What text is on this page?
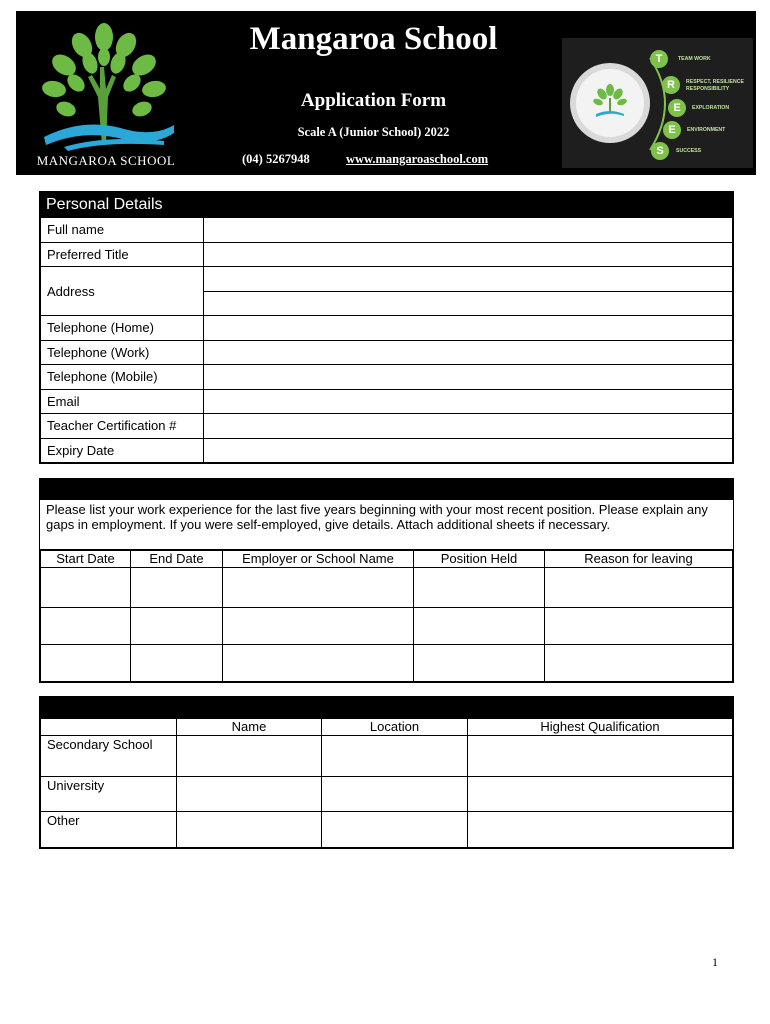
MANGAROA SCHOOL
Mangaroa School
Application Form
Scale A (Junior School) 2022
(04) 5267948	www.mangaroaschool.com
T	TEAM WORK
R	RESPECT, RESILIENCE RESPONSIBILITY
E	EXPLORATION
E	ENVIRONMENT
S	SUCCESS
Personal Details
Full name	
Preferred Title	
Address	

Telephone (Home)	
Telephone (Work)	
Telephone (Mobile)	
Email	
Teacher Certification #	
Expiry Date	
Please list your work experience for the last five years beginning with your most recent position. Please explain any gaps in employment. If you were self-employed, give details. Attach additional sheets if necessary.
Start Date	End Date	Employer or School Name	Position Held	Reason for leaving

	Name	Location	Highest Qualification
Secondary School			
University			
Other			
1
